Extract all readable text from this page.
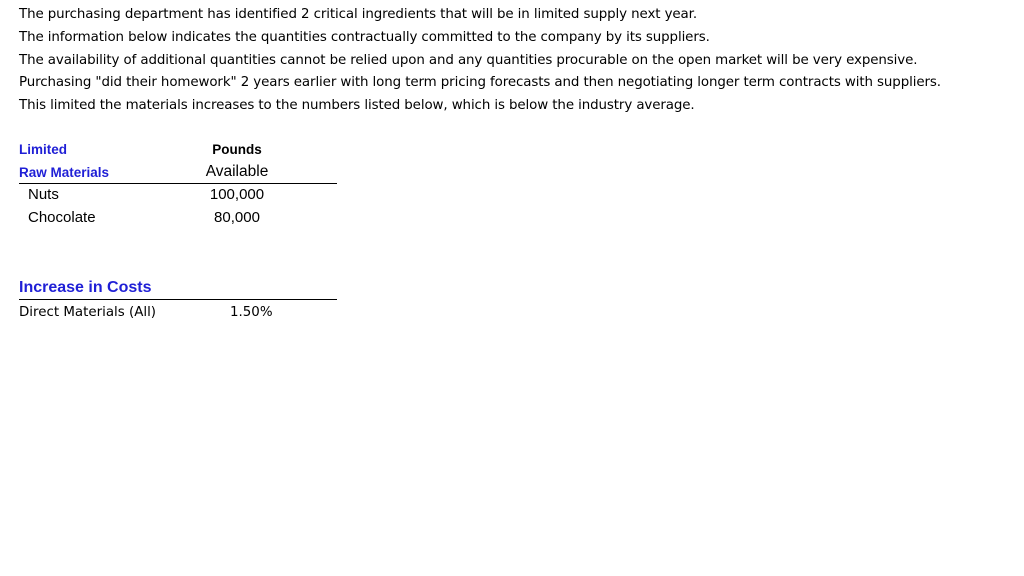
The purchasing department has identified 2 critical ingredients that will be in limited supply next year.
The information below indicates the quantities contractually committed to the company by its suppliers.
The availability of additional quantities cannot be relied upon and any quantities procurable on the open market will be very expensive.
Purchasing "did their homework" 2 years earlier with long term pricing forecasts and then negotiating longer term contracts with suppliers.
This limited the materials increases to the numbers listed below, which is below the industry average.
Limited
Raw Materials
Pounds
Available
Nuts	100,000
Chocolate	80,000
Increase in Costs
Direct Materials (All)	1.50%
